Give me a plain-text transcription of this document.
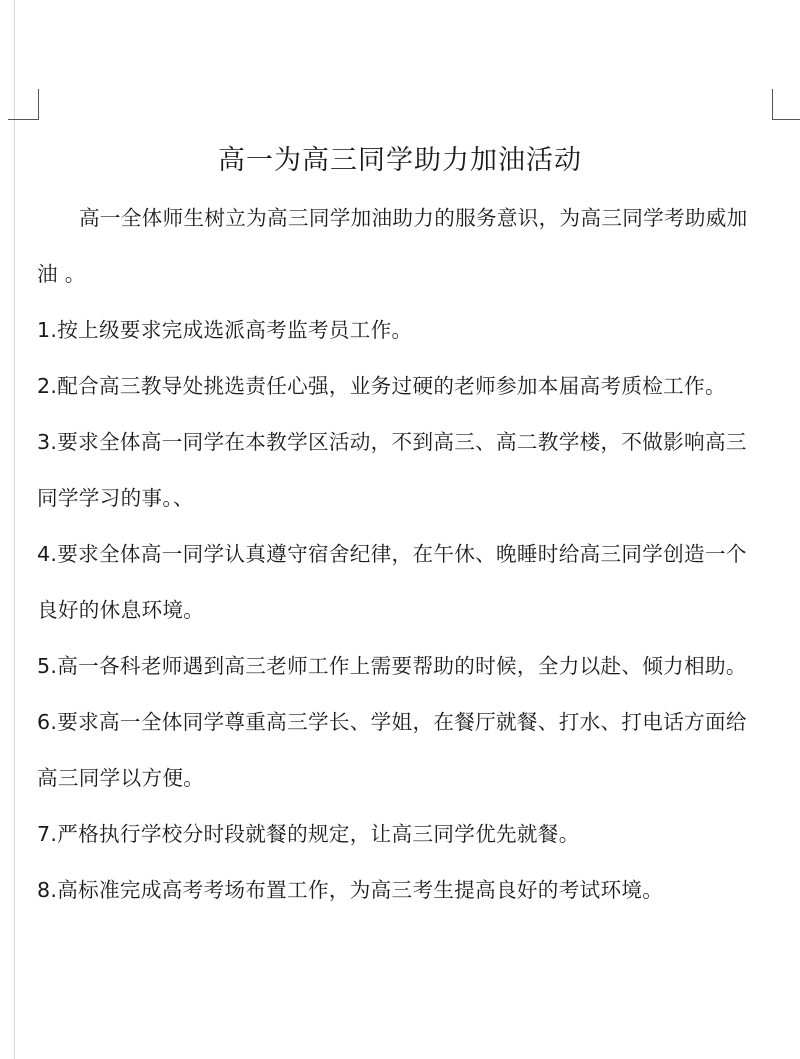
高一为高三同学助力加油活动

高一全体师生树立为高三同学加油助力的服务意识，为高三同学考助威加油 。

1.按上级要求完成选派高考监考员工作。

2.配合高三教导处挑选责任心强，业务过硬的老师参加本届高考质检工作。

3.要求全体高一同学在本教学区活动，不到高三、高二教学楼，不做影响高三同学学习的事。、

4.要求全体高一同学认真遵守宿舍纪律，在午休、晚睡时给高三同学创造一个良好的休息环境。

5.高一各科老师遇到高三老师工作上需要帮助的时候，全力以赴、倾力相助。

6.要求高一全体同学尊重高三学长、学姐，在餐厅就餐、打水、打电话方面给高三同学以方便。

7.严格执行学校分时段就餐的规定，让高三同学优先就餐。

8.高标准完成高考考场布置工作，为高三考生提高良好的考试环境。
